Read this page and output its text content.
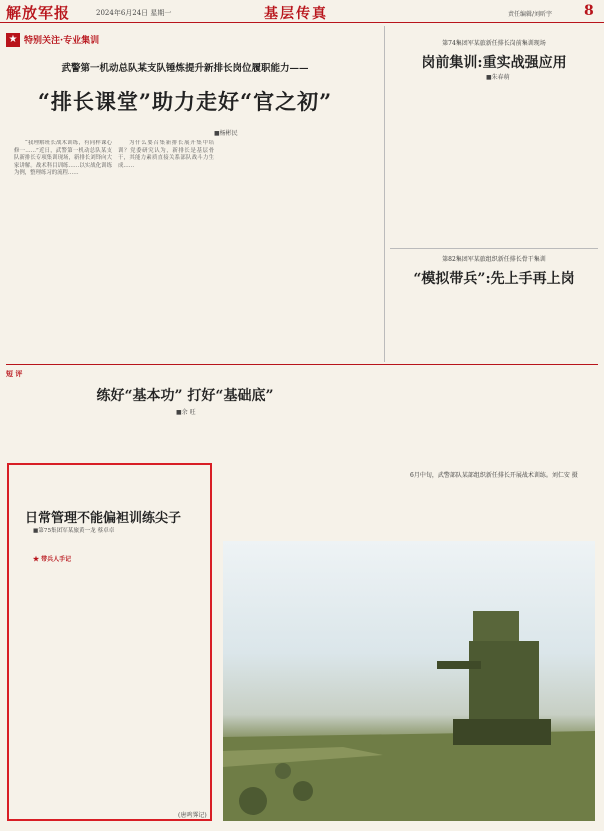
解放军报	2024年6月24日 星期一	基层传真	责任编辑/刘昕宇 8
★ 特别关注·专业集训
武警第一机动总队某支队锤炼提升新排长岗位履职能力——
“排长课堂”助力走好“官之初”
■杨彬民

“我理解班长战术训练，有同样课心修一……”近日，武警第一机动总队某支队新排长专项集训现场，新排长刘铎向大家讲解。战术科目训练……以实战化训练为例，整理练习的流程……

为什么要召集新排长展开集中培训？党委研究认为，新排长是基层骨干，其能力素质直接关系部队战斗力生成……

第74集团军某旅新任排长岗前集训现场
岗前集训:重实战强应用
■朱春萌
第82集团军某旅组织新任排长骨干集训
“模拟带兵”:先上手再上岗
短 评
练好“基本功” 打好“基础底”
■余 旺
日常管理不能偏袒训练尖子
■第75集团军某旅黄一龙 蔡卓卓
★ 带兵人手记
(唐鸣霁记)
6月中旬，武警部队某部组织新任排长开展战术训练。刘仁安 摄
